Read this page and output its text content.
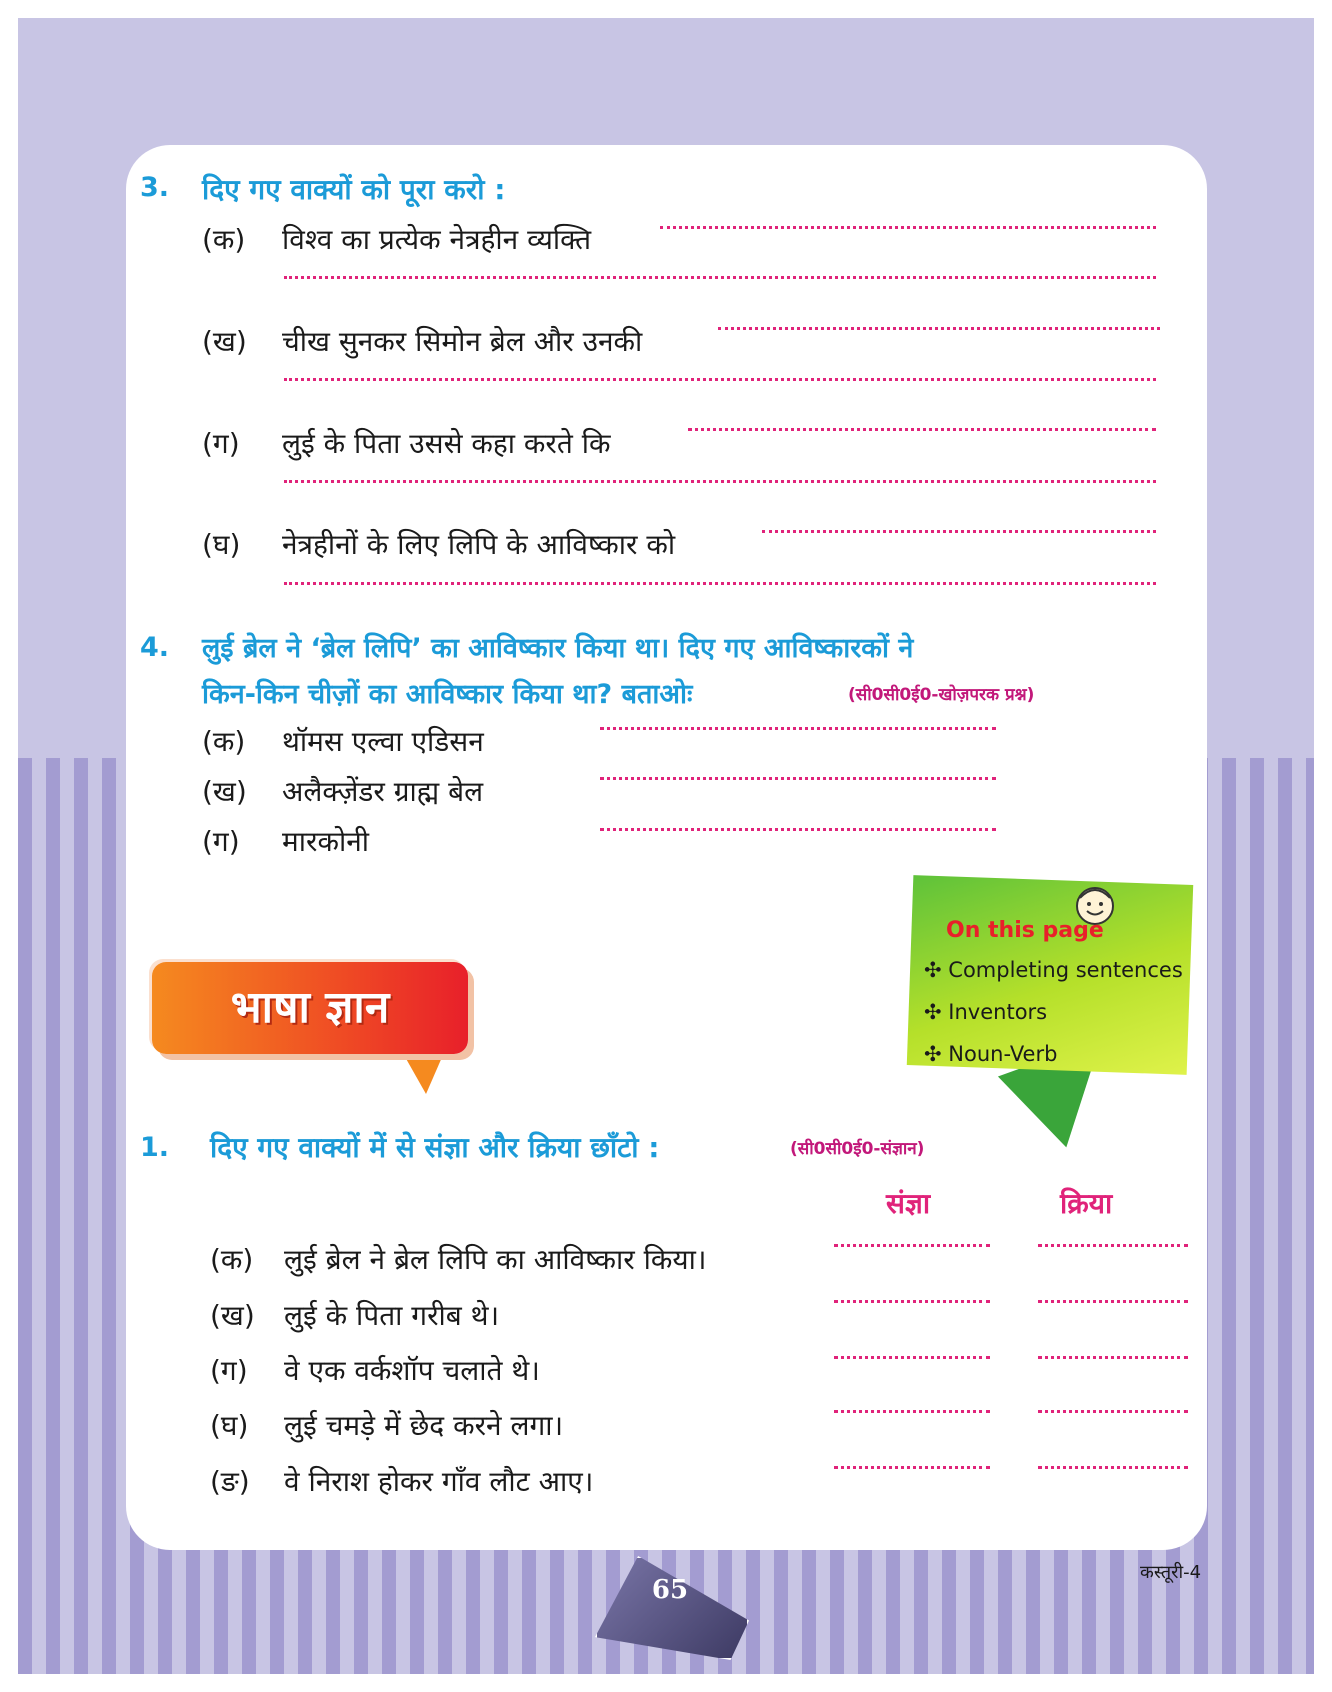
3. दिए गए वाक्यों को पूरा करो :
(क) विश्व का प्रत्येक नेत्रहीन व्यक्ति
(ख) चीख सुनकर सिमोन ब्रेल और उनकी
(ग) लुई के पिता उससे कहा करते कि
(घ) नेत्रहीनों के लिए लिपि के आविष्कार को
4. लुई ब्रेल ने ‘ब्रेल लिपि’ का आविष्कार किया था। दिए गए आविष्कारकों ने
किन-किन चीज़ों का आविष्कार किया था? बताओः	(सी0सी0ई0-खोज़परक प्रश्न)
(क) थॉमस एल्वा एडिसन
(ख) अलैक्ज़ेंडर ग्राह्म बेल
(ग) मारकोनी
भाषा ज्ञान
On this page
✣ Completing sentences
✣ Inventors
✣ Noun-Verb
1. दिए गए वाक्यों में से संज्ञा और क्रिया छाँटो :	(सी0सी0ई0-संज्ञान)
संज्ञा	क्रिया
(क) लुई ब्रेल ने ब्रेल लिपि का आविष्कार किया।
(ख) लुई के पिता गरीब थे।
(ग) वे एक वर्कशॉप चलाते थे।
(घ) लुई चमड़े में छेद करने लगा।
(ङ) वे निराश होकर गाँव लौट आए।
65
कस्तूरी-4
